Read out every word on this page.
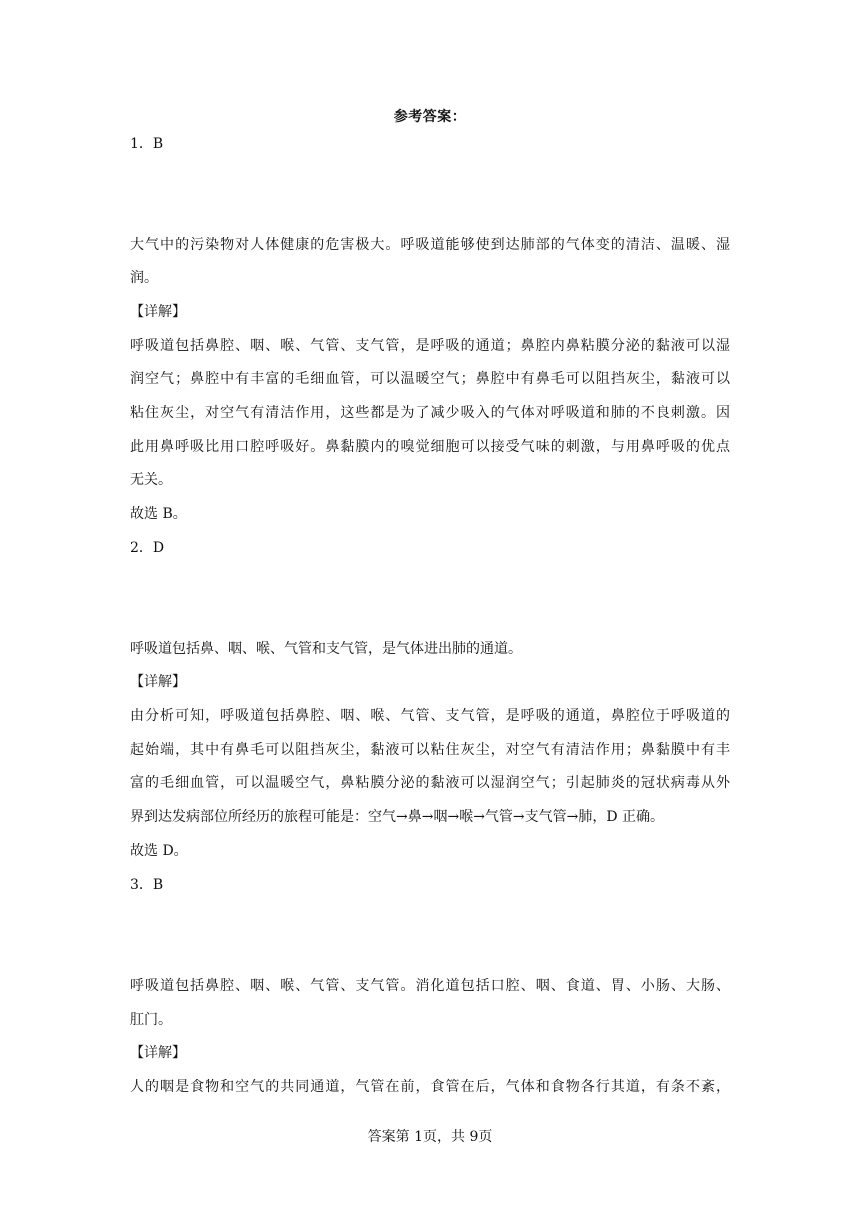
参考答案：
1．B
大气中的污染物对人体健康的危害极大。呼吸道能够使到达肺部的气体变的清洁、温暖、湿
润。
【详解】
呼吸道包括鼻腔、咽、喉、气管、支气管，是呼吸的通道；鼻腔内鼻粘膜分泌的黏液可以湿
润空气；鼻腔中有丰富的毛细血管，可以温暖空气；鼻腔中有鼻毛可以阻挡灰尘，黏液可以
粘住灰尘，对空气有清洁作用，这些都是为了减少吸入的气体对呼吸道和肺的不良刺激。因
此用鼻呼吸比用口腔呼吸好。鼻黏膜内的嗅觉细胞可以接受气味的刺激，与用鼻呼吸的优点
无关。
故选 B。
2．D
呼吸道包括鼻、咽、喉、气管和支气管，是气体进出肺的通道。
【详解】
由分析可知，呼吸道包括鼻腔、咽、喉、气管、支气管，是呼吸的通道，鼻腔位于呼吸道的
起始端，其中有鼻毛可以阻挡灰尘，黏液可以粘住灰尘，对空气有清洁作用；鼻黏膜中有丰
富的毛细血管，可以温暖空气，鼻粘膜分泌的黏液可以湿润空气；引起肺炎的冠状病毒从外
界到达发病部位所经历的旅程可能是：空气→鼻→咽→喉→气管→支气管→肺，D 正确。
故选 D。
3．B
呼吸道包括鼻腔、咽、喉、气管、支气管。消化道包括口腔、咽、食道、胃、小肠、大肠、
肛门。
【详解】
人的咽是食物和空气的共同通道，气管在前，食管在后，气体和食物各行其道，有条不紊，
答案第 1页，共 9页
